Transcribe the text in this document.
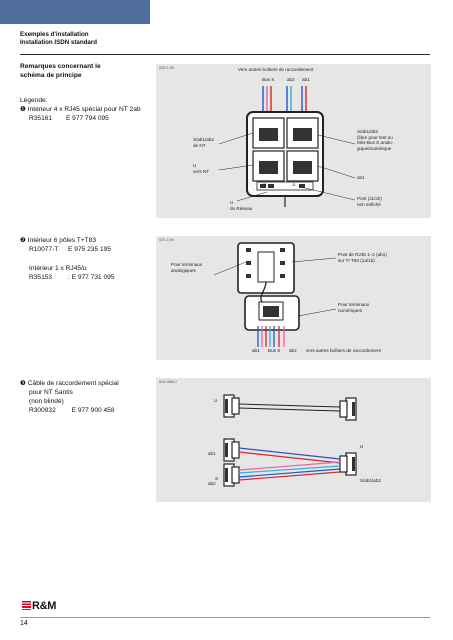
Exemples d'installation
Installation ISDN standard
Remarques concernant le
schéma de principe
Légende:
❶ Intérieur 4 x RJ45 spécial pour NT 2ab
R35161 E 977 794 095
529.2.VB	Vers autres boîtiers de raccordement
Bus S	ab2 ab1
J2	J1
S/ab1/ab2
de NT
U
vers NT
U
du Réseau
S/ab1/ab2
(libre pour test ou
Mini-Bus S analo-
gique/numérique
ab1
Pont (J1/J2)
non enfiché
❷ Intérieur 6 pôles T+T83
R10077-T E 975 235 195
Intérieur 1 x RJ45/u
R35153 : E 977 731 095
529.2.VB
Pour terminaux
analogiques
Pont de RJ45 1–2 (ab1)
sur T+T83 (1a/1b)
Pour terminaux
numériques
ab1 Bus S ab2 vers autres boîtiers de raccordement
❸ Câble de raccordement spécial
pour NT Santis
(non blindé)
R300932 E 977 900 458
818.1666.2
U
ab1
S
ab2
U
S/ab1/ab2
R&M
14
